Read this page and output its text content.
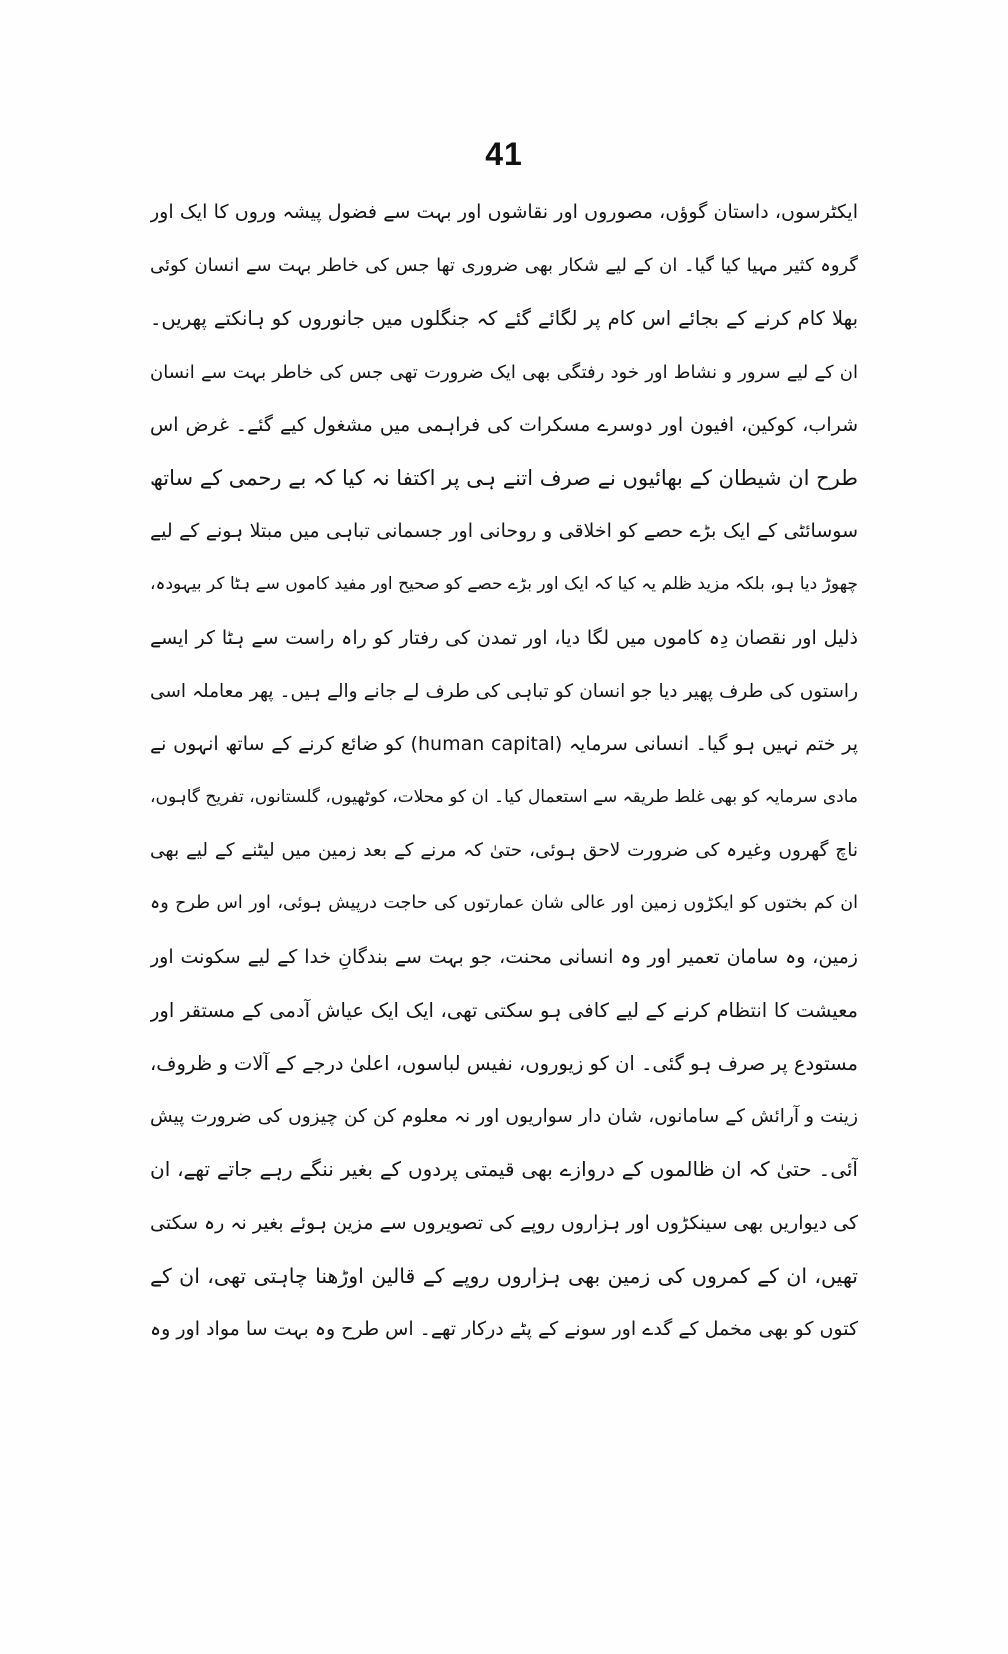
41
ایکٹرسوں، داستان گوؤں، مصوروں اور نقاشوں اور بہت سے فضول پیشہ وروں کا ایک اور
گروہ کثیر مہیا کیا گیا۔ ان کے لیے شکار بھی ضروری تھا جس کی خاطر بہت سے انسان کوئی
بھلا کام کرنے کے بجائے اس کام پر لگائے گئے کہ جنگلوں میں جانوروں کو ہانکتے پھریں۔
ان کے لیے سرور و نشاط اور خود رفتگی بھی ایک ضرورت تھی جس کی خاطر بہت سے انسان
شراب، کوکین، افیون اور دوسرے مسکرات کی فراہمی میں مشغول کیے گئے۔ غرض اس
طرح ان شیطان کے بھائیوں نے صرف اتنے ہی پر اکتفا نہ کیا کہ بے رحمی کے ساتھ
سوسائٹی کے ایک بڑے حصے کو اخلاقی و روحانی اور جسمانی تباہی میں مبتلا ہونے کے لیے
چھوڑ دیا ہو، بلکہ مزید ظلم یہ کیا کہ ایک اور بڑے حصے کو صحیح اور مفید کاموں سے ہٹا کر بیہودہ،
ذلیل اور نقصان دِہ کاموں میں لگا دیا، اور تمدن کی رفتار کو راہ راست سے ہٹا کر ایسے
راستوں کی طرف پھیر دیا جو انسان کو تباہی کی طرف لے جانے والے ہیں۔ پھر معاملہ اسی
پر ختم نہیں ہو گیا۔ انسانی سرمایہ (human capital) کو ضائع کرنے کے ساتھ انہوں نے
مادی سرمایہ کو بھی غلط طریقہ سے استعمال کیا۔ ان کو محلات، کوٹھیوں، گلستانوں، تفریح گاہوں،
ناچ گھروں وغیرہ کی ضرورت لاحق ہوئی، حتیٰ کہ مرنے کے بعد زمین میں لیٹنے کے لیے بھی
ان کم بختوں کو ایکڑوں زمین اور عالی شان عمارتوں کی حاجت درپیش ہوئی، اور اس طرح وہ
زمین، وہ سامان تعمیر اور وہ انسانی محنت، جو بہت سے بندگانِ خدا کے لیے سکونت اور
معیشت کا انتظام کرنے کے لیے کافی ہو سکتی تھی، ایک ایک عیاش آدمی کے مستقر اور
مستودع پر صرف ہو گئی۔ ان کو زیوروں، نفیس لباسوں، اعلیٰ درجے کے آلات و ظروف،
زینت و آرائش کے سامانوں، شان دار سواریوں اور نہ معلوم کن کن چیزوں کی ضرورت پیش
آئی۔ حتیٰ کہ ان ظالموں کے دروازے بھی قیمتی پردوں کے بغیر ننگے رہے جاتے تھے، ان
کی دیواریں بھی سینکڑوں اور ہزاروں روپے کی تصویروں سے مزین ہوئے بغیر نہ رہ سکتی
تھیں، ان کے کمروں کی زمین بھی ہزاروں روپے کے قالین اوڑھنا چاہتی تھی، ان کے
کتوں کو بھی مخمل کے گدے اور سونے کے پٹے درکار تھے۔ اس طرح وہ بہت سا مواد اور وہ
